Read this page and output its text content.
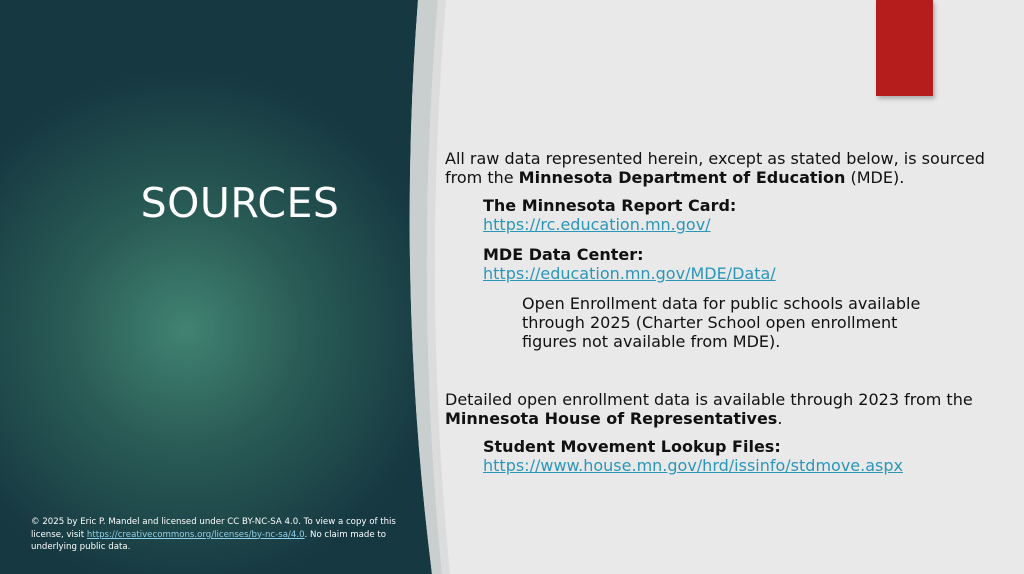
SOURCES

All raw data represented herein, except as stated below, is sourced from the Minnesota Department of Education (MDE).

The Minnesota Report Card:
https://rc.education.mn.gov/

MDE Data Center:
https://education.mn.gov/MDE/Data/

Open Enrollment data for public schools available through 2025 (Charter School open enrollment figures not available from MDE).

Detailed open enrollment data is available through 2023 from the Minnesota House of Representatives.

Student Movement Lookup Files:
https://www.house.mn.gov/hrd/issinfo/stdmove.aspx

© 2025 by Eric P. Mandel and licensed under CC BY-NC-SA 4.0. To view a copy of this license, visit https://creativecommons.org/licenses/by-nc-sa/4.0. No claim made to underlying public data.
